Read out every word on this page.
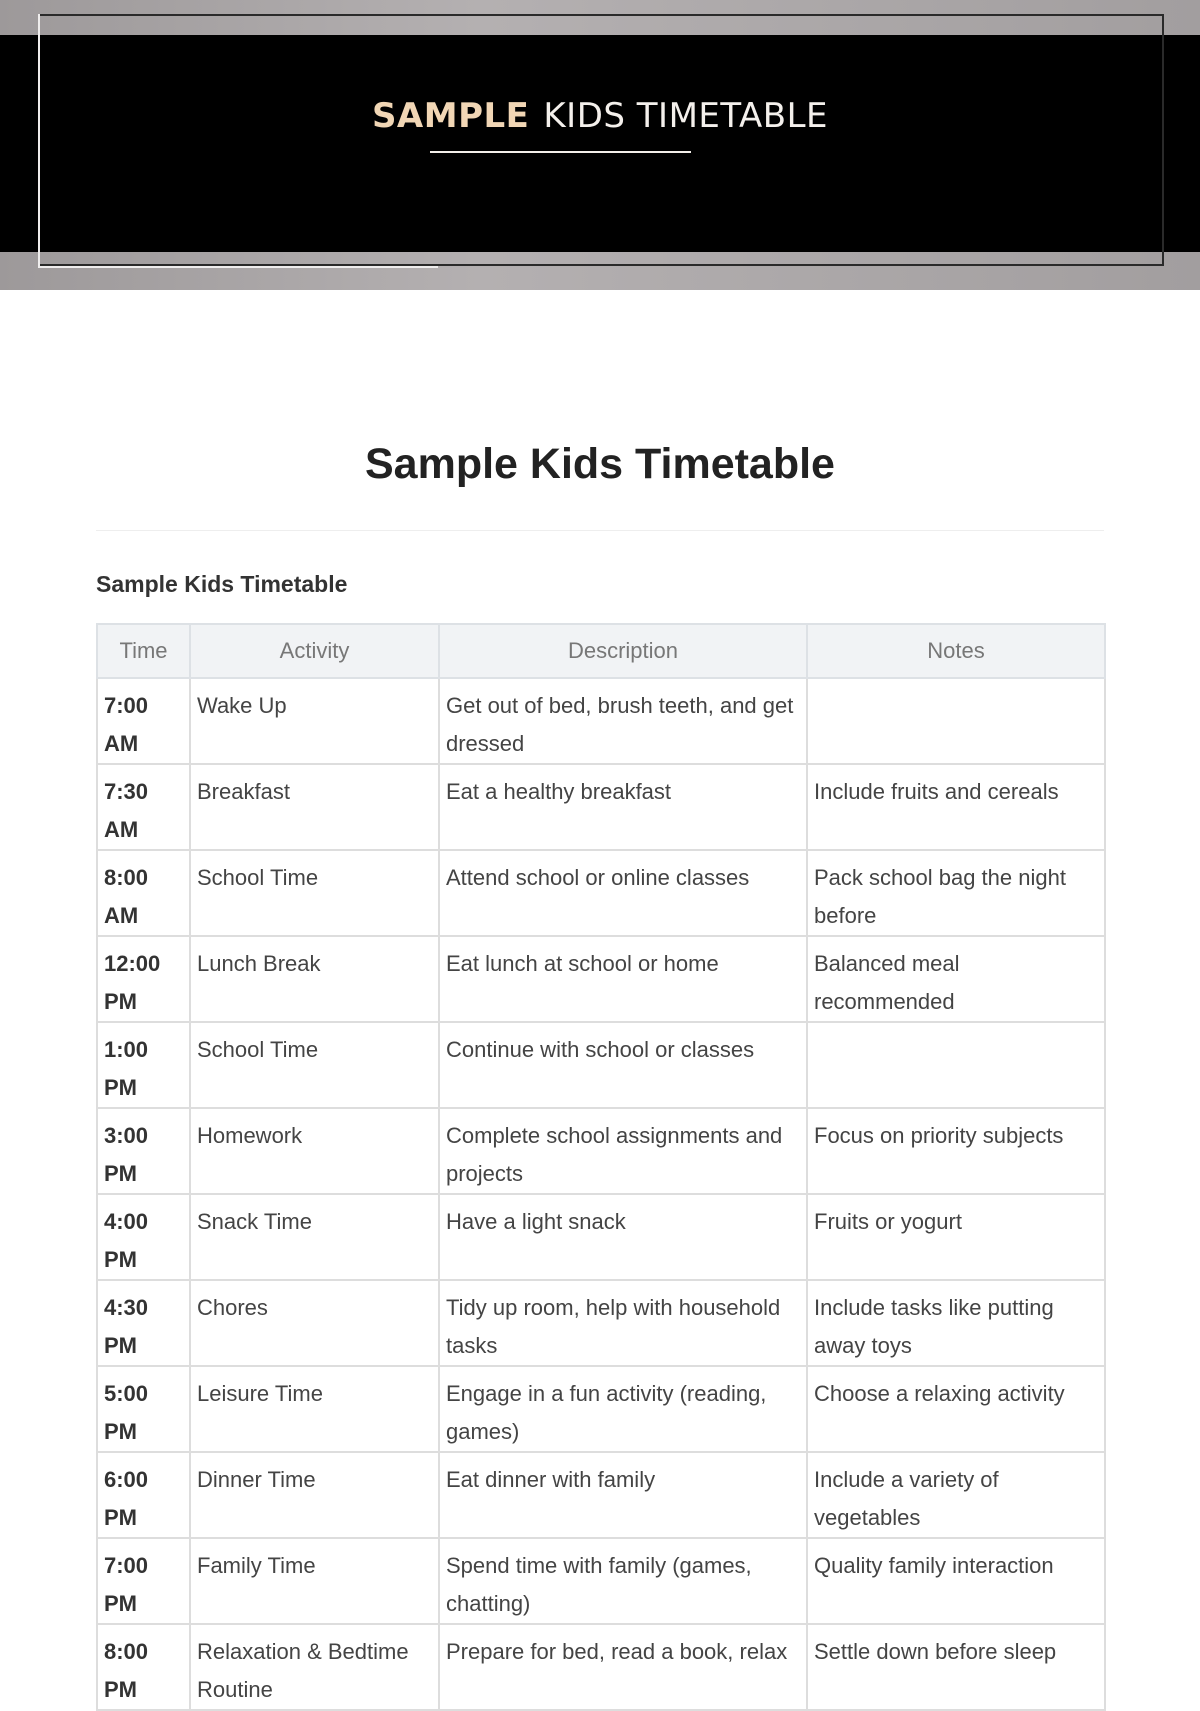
SAMPLE KIDS TIMETABLE
Sample Kids Timetable
Sample Kids Timetable
Time	Activity	Description	Notes
7:00 AM	Wake Up	Get out of bed, brush teeth, and get dressed	
7:30 AM	Breakfast	Eat a healthy breakfast	Include fruits and cereals
8:00 AM	School Time	Attend school or online classes	Pack school bag the night before
12:00 PM	Lunch Break	Eat lunch at school or home	Balanced meal recommended
1:00 PM	School Time	Continue with school or classes	
3:00 PM	Homework	Complete school assignments and projects	Focus on priority subjects
4:00 PM	Snack Time	Have a light snack	Fruits or yogurt
4:30 PM	Chores	Tidy up room, help with household tasks	Include tasks like putting away toys
5:00 PM	Leisure Time	Engage in a fun activity (reading, games)	Choose a relaxing activity
6:00 PM	Dinner Time	Eat dinner with family	Include a variety of vegetables
7:00 PM	Family Time	Spend time with family (games, chatting)	Quality family interaction
8:00 PM	Relaxation & Bedtime Routine	Prepare for bed, read a book, relax	Settle down before sleep
